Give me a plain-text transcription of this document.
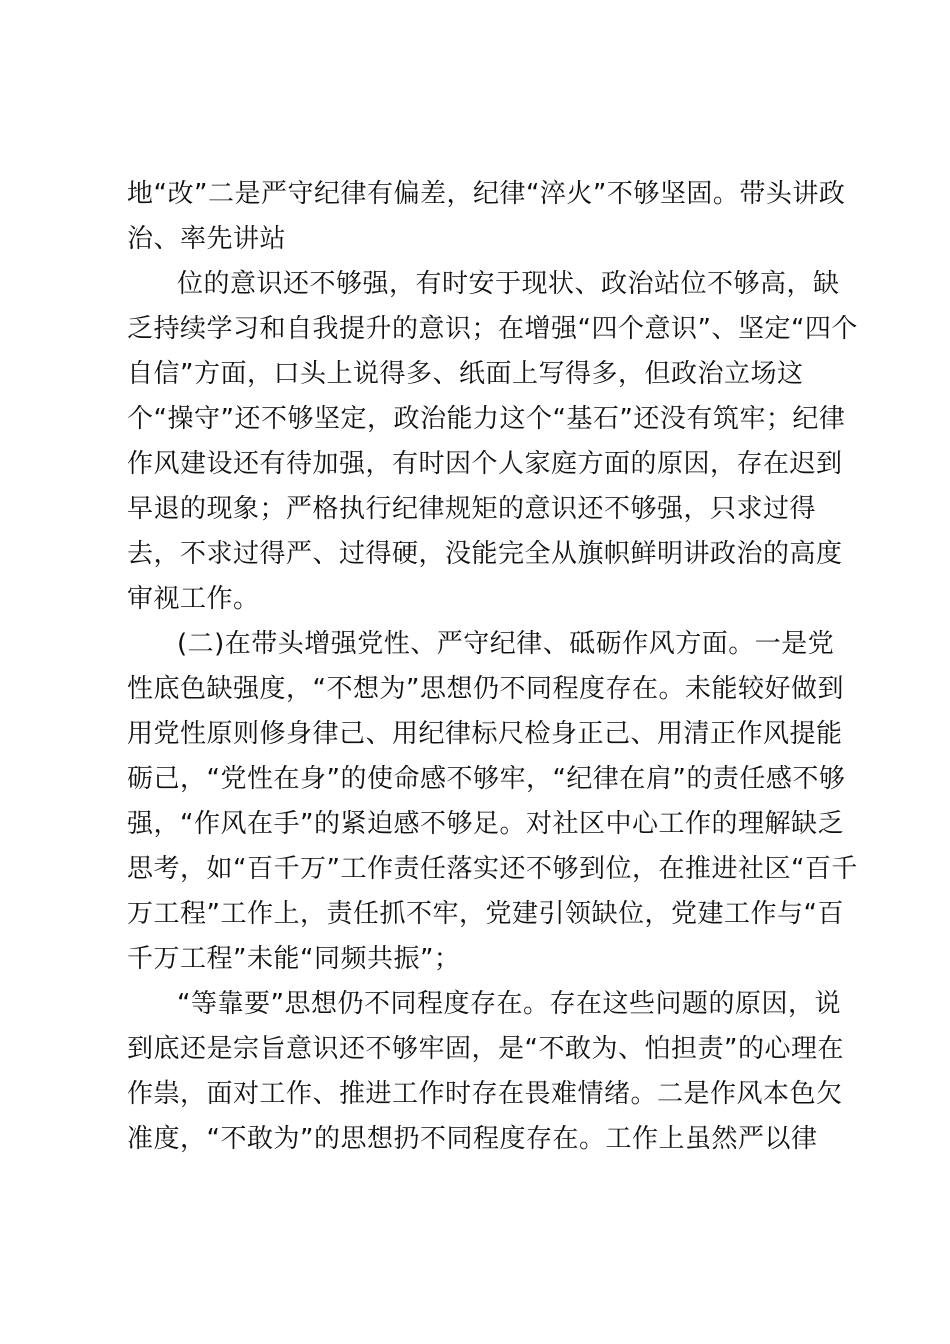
地“改”二是严守纪律有偏差，纪律“淬火”不够坚固。带头讲政
治、率先讲站
位的意识还不够强，有时安于现状、政治站位不够高，缺
乏持续学习和自我提升的意识；在增强“四个意识”、坚定“四个
自信”方面，口头上说得多、纸面上写得多，但政治立场这
个“操守”还不够坚定，政治能力这个“基石”还没有筑牢；纪律
作风建设还有待加强，有时因个人家庭方面的原因，存在迟到
早退的现象；严格执行纪律规矩的意识还不够强，只求过得
去，不求过得严、过得硬，没能完全从旗帜鲜明讲政治的高度
审视工作。
(二)在带头增强党性、严守纪律、砥砺作风方面。一是党
性底色缺强度，“不想为”思想仍不同程度存在。未能较好做到
用党性原则修身律己、用纪律标尺检身正己、用清正作风提能
砺己，“党性在身”的使命感不够牢，“纪律在肩”的责任感不够
强，“作风在手”的紧迫感不够足。对社区中心工作的理解缺乏
思考，如“百千万”工作责任落实还不够到位，在推进社区“百千
万工程”工作上，责任抓不牢，党建引领缺位，党建工作与“百
千万工程”未能“同频共振”；
“等靠要”思想仍不同程度存在。存在这些问题的原因，说
到底还是宗旨意识还不够牢固，是“不敢为、怕担责”的心理在
作祟，面对工作、推进工作时存在畏难情绪。二是作风本色欠
准度，“不敢为”的思想扔不同程度存在。工作上虽然严以律
